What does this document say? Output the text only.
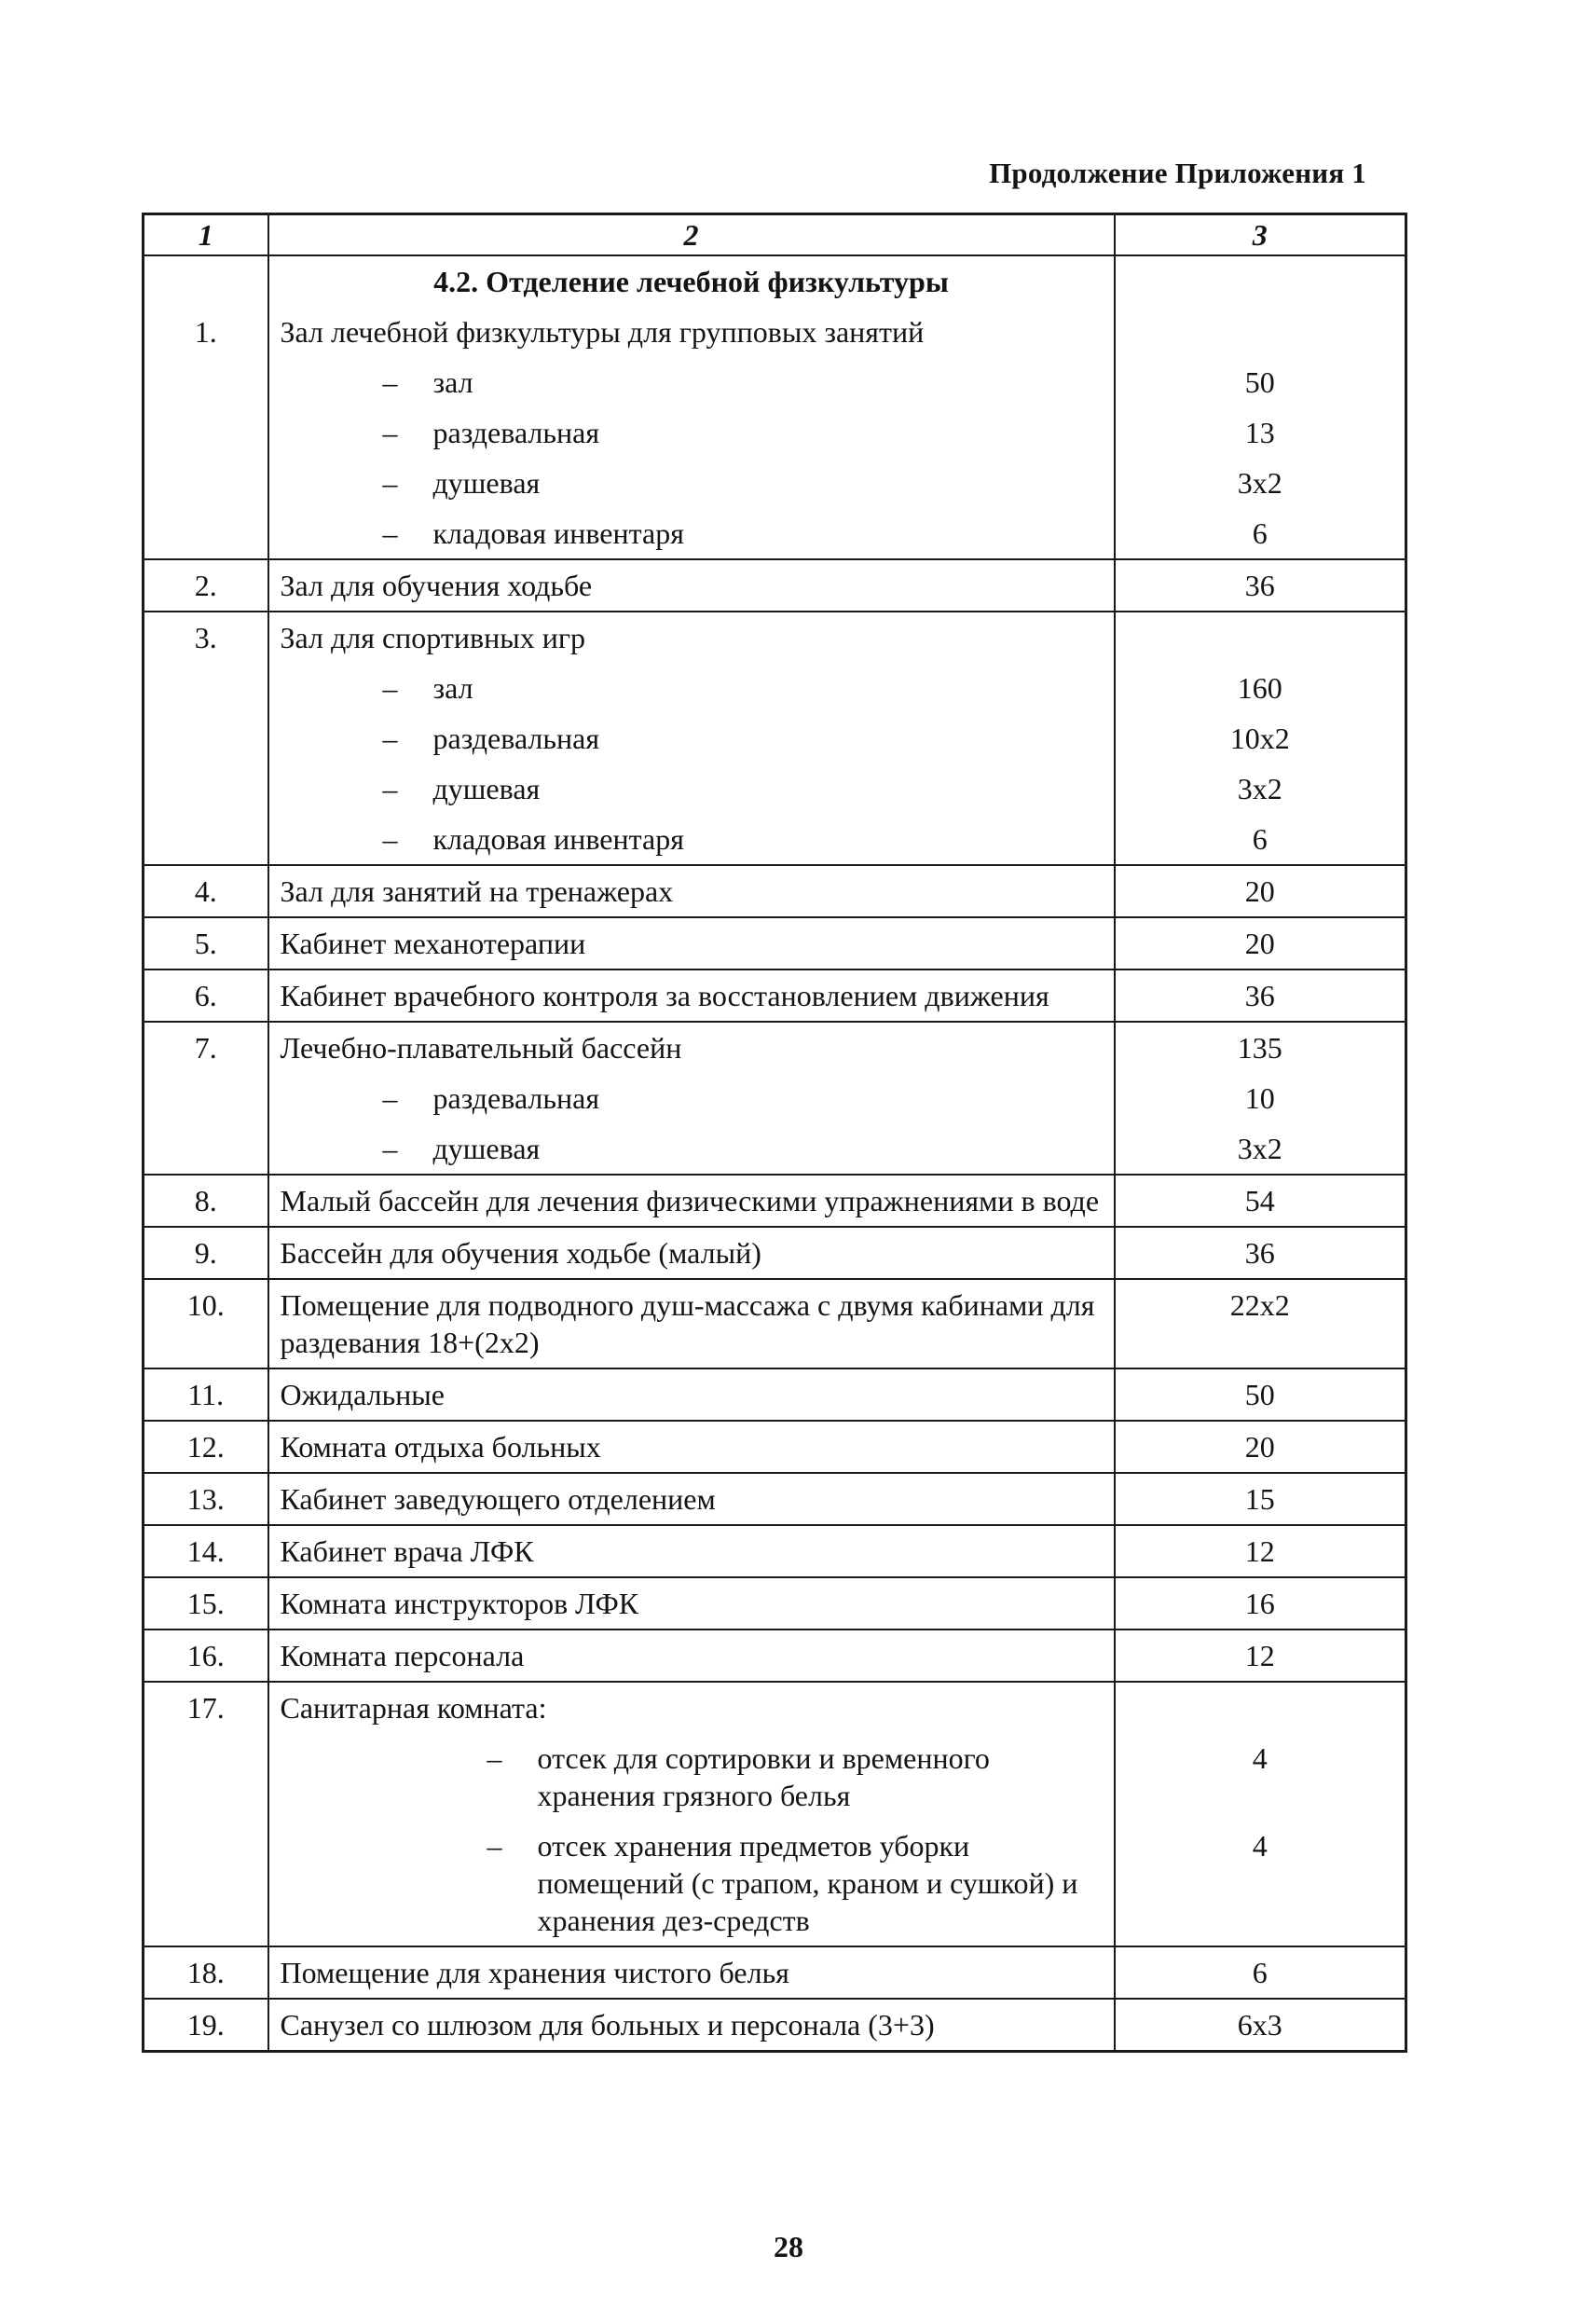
Продолжение Приложения 1
1	2	3
	4.2. Отделение лечебной физкультуры	
1.	Зал лечебной физкультуры для групповых занятий	

	– зал	50

	– раздевальная	13

	– душевая	3х2

	– кладовая инвентаря	6
2.	Зал для обучения ходьбе	36
3.	Зал для спортивных игр	

	– зал	160

	– раздевальная	10х2

	– душевая	3х2

	– кладовая инвентаря	6
4.	Зал для занятий на тренажерах	20
5.	Кабинет механотерапии	20
6.	Кабинет врачебного контроля за восстановлением движения	36
7.	Лечебно-плавательный бассейн	135

	– раздевальная	10

	– душевая	3х2
8.	Малый бассейн для лечения физическими упражнениями в воде	54
9.	Бассейн для обучения ходьбе (малый)	36
10.	Помещение для подводного душ-массажа с двумя кабинами для раздевания 18+(2х2)	22х2
11.	Ожидальные	50
12.	Комната отдыха больных	20
13.	Кабинет заведующего отделением	15
14.	Кабинет врача ЛФК	12
15.	Комната инструкторов ЛФК	16
16.	Комната персонала	12
17.	Санитарная комната:	

	– отсек для сортировки и временного хранения грязного белья	4

	– отсек хранения предметов уборки помещений (с трапом, краном и сушкой) и хранения дез-средств	4
18.	Помещение для хранения чистого белья	6
19.	Санузел со шлюзом для больных и персонала (3+3)	6х3
28
